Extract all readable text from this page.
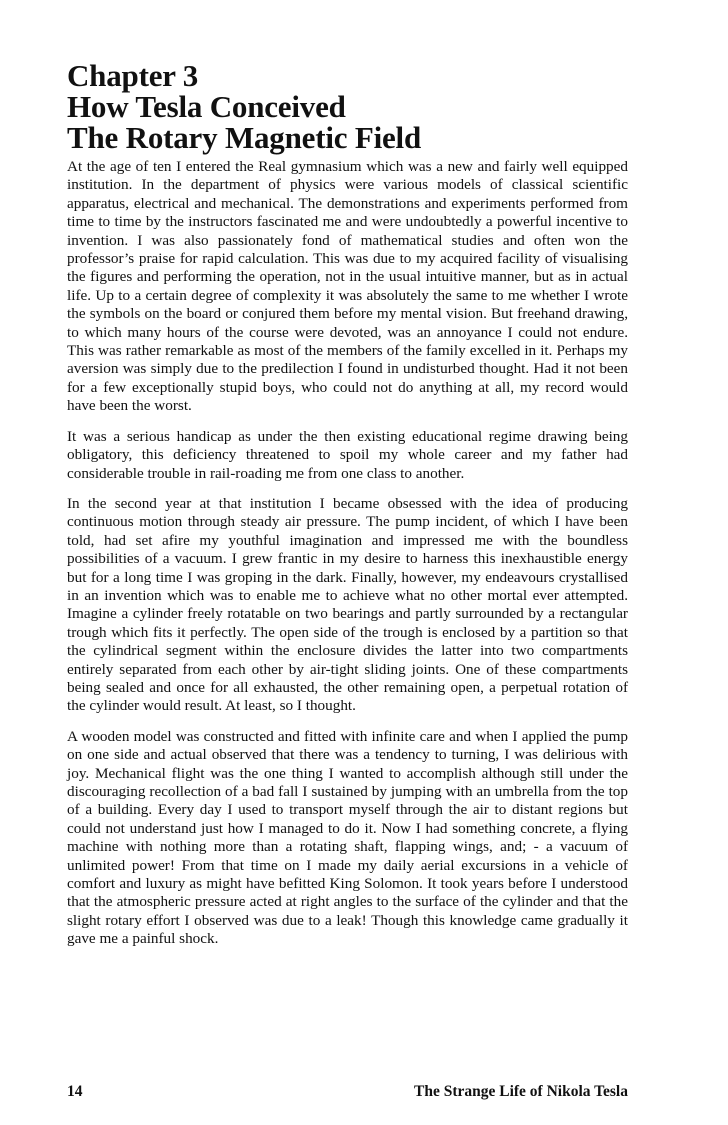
Chapter 3
How Tesla Conceived
The Rotary Magnetic Field

At the age of ten I entered the Real gymnasium which was a new and fairly well equipped institution. In the department of physics were various models of classical scientific apparatus, electrical and mechanical. The demonstrations and experiments performed from time to time by the instructors fascinated me and were undoubtedly a powerful incentive to invention. I was also passionately fond of mathematical studies and often won the professor’s praise for rapid calculation. This was due to my acquired facility of visualising the figures and performing the operation, not in the usual intuitive manner, but as in actual life. Up to a certain degree of complexity it was absolutely the same to me whether I wrote the symbols on the board or conjured them before my mental vision. But freehand drawing, to which many hours of the course were devoted, was an annoyance I could not endure. This was rather remarkable as most of the members of the family excelled in it. Perhaps my aversion was simply due to the predilection I found in undisturbed thought. Had it not been for a few exceptionally stupid boys, who could not do anything at all, my record would have been the worst.

It was a serious handicap as under the then existing educational regime drawing being obligatory, this deficiency threatened to spoil my whole career and my father had considerable trouble in rail-roading me from one class to another.

In the second year at that institution I became obsessed with the idea of producing continuous motion through steady air pressure. The pump incident, of which I have been told, had set afire my youthful imagination and impressed me with the boundless possibilities of a vacuum. I grew frantic in my desire to harness this inexhaustible energy but for a long time I was groping in the dark. Finally, however, my endeavours crystallised in an invention which was to enable me to achieve what no other mortal ever attempted. Imagine a cylinder freely rotatable on two bearings and partly surrounded by a rectangular trough which fits it perfectly. The open side of the trough is enclosed by a partition so that the cylindrical segment within the enclosure divides the latter into two compartments entirely separated from each other by air-tight sliding joints. One of these compartments being sealed and once for all exhausted, the other remaining open, a perpetual rotation of the cylinder would result. At least, so I thought.

A wooden model was constructed and fitted with infinite care and when I applied the pump on one side and actual observed that there was a tendency to turning, I was delirious with joy. Mechanical flight was the one thing I wanted to accomplish although still under the discouraging recollection of a bad fall I sustained by jumping with an umbrella from the top of a building. Every day I used to transport myself through the air to distant regions but could not understand just how I managed to do it. Now I had something concrete, a flying machine with nothing more than a rotating shaft, flapping wings, and; - a vacuum of unlimited power! From that time on I made my daily aerial excursions in a vehicle of comfort and luxury as might have befitted King Solomon. It took years before I understood that the atmospheric pressure acted at right angles to the surface of the cylinder and that the slight rotary effort I observed was due to a leak! Though this knowledge came gradually it gave me a painful shock.

14	The Strange Life of Nikola Tesla
